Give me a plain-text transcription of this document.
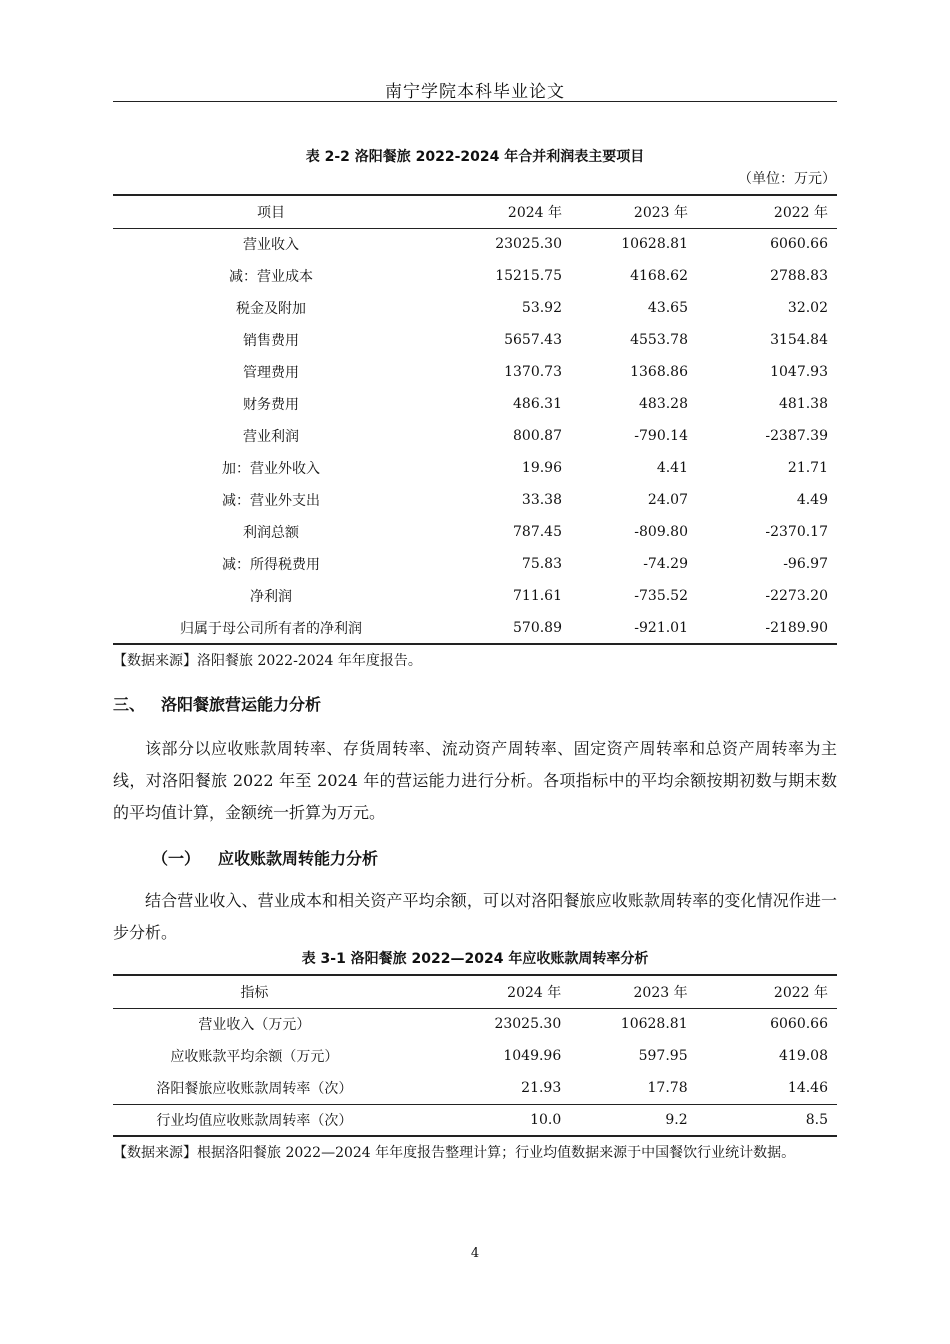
南宁学院本科毕业论文
表 2-2 洛阳餐旅 2022-2024 年合并利润表主要项目
（单位：万元）
项目	2024 年	2023 年	2022 年
营业收入	23025.30	10628.81	6060.66
减：营业成本	15215.75	4168.62	2788.83
税金及附加	53.92	43.65	32.02
销售费用	5657.43	4553.78	3154.84
管理费用	1370.73	1368.86	1047.93
财务费用	486.31	483.28	481.38
营业利润	800.87	-790.14	-2387.39
加：营业外收入	19.96	4.41	21.71
减：营业外支出	33.38	24.07	4.49
利润总额	787.45	-809.80	-2370.17
减：所得税费用	75.83	-74.29	-96.97
净利润	711.61	-735.52	-2273.20
归属于母公司所有者的净利润	570.89	-921.01	-2189.90
【数据来源】洛阳餐旅 2022-2024 年年度报告。
三、 洛阳餐旅营运能力分析
该部分以应收账款周转率、存货周转率、流动资产周转率、固定资产周转率和总资产周转率为主线，对洛阳餐旅 2022 年至 2024 年的营运能力进行分析。各项指标中的平均余额按期初数与期末数的平均值计算，金额统一折算为万元。
（一） 应收账款周转能力分析
结合营业收入、营业成本和相关资产平均余额，可以对洛阳餐旅应收账款周转率的变化情况作进一步分析。
表 3-1 洛阳餐旅 2022—2024 年应收账款周转率分析
指标	2024 年	2023 年	2022 年
营业收入（万元）	23025.30	10628.81	6060.66
应收账款平均余额（万元）	1049.96	597.95	419.08
洛阳餐旅应收账款周转率（次）	21.93	17.78	14.46
行业均值应收账款周转率（次）	10.0	9.2	8.5
【数据来源】根据洛阳餐旅 2022—2024 年年度报告整理计算；行业均值数据来源于中国餐饮行业统计数据。
4
